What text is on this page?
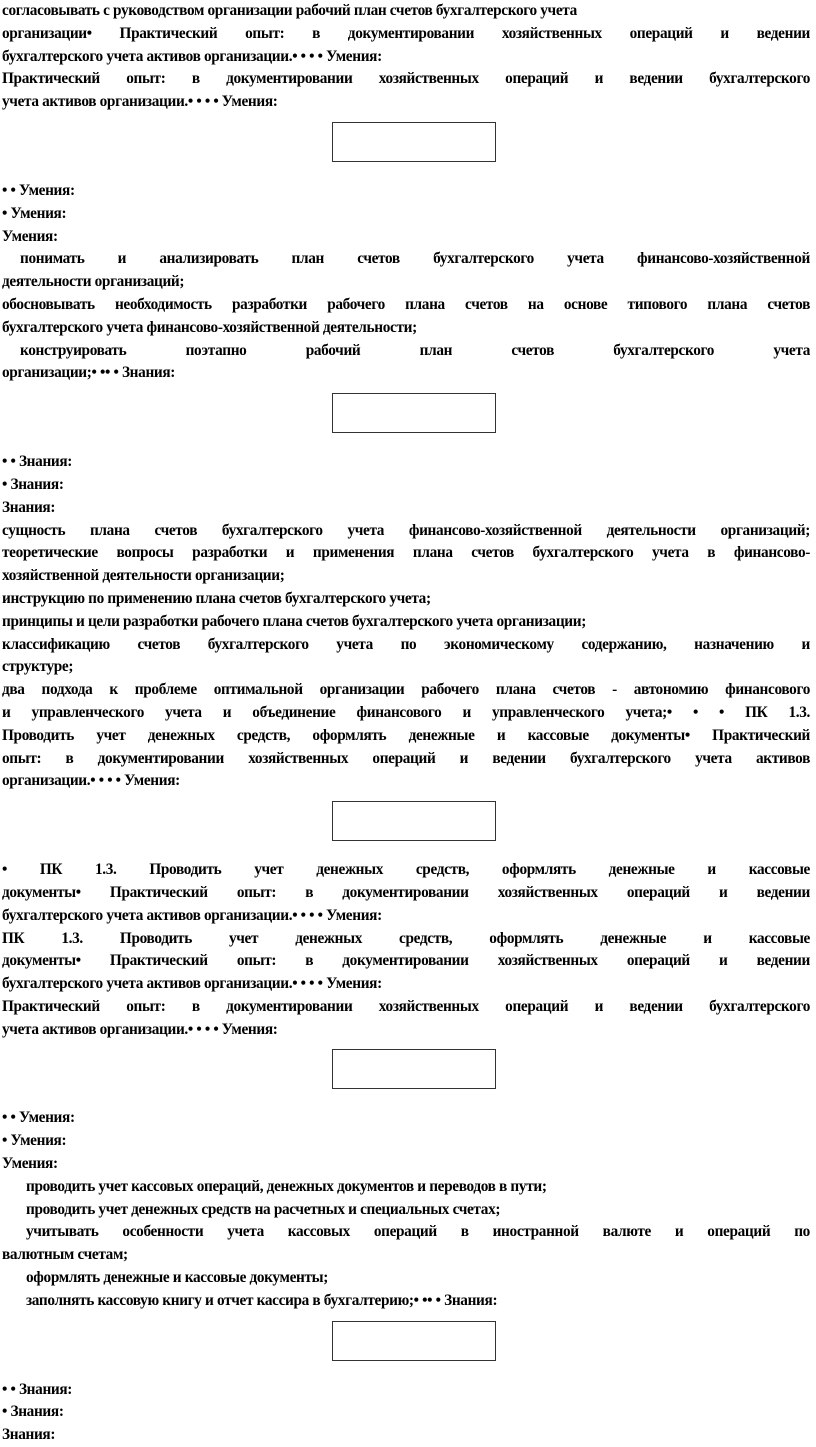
согласовывать с руководством организации рабочий план счетов бухгалтерского учета
организации• Практический опыт: в документировании хозяйственных операций и ведении
бухгалтерского учета активов организации.• • • • Умения:
Практический опыт: в документировании хозяйственных операций и ведении бухгалтерского
учета активов организации.• • • • Умения:
• • Умения:
• Умения:
Умения:
понимать и анализировать план счетов бухгалтерского учета финансово-хозяйственной
деятельности организаций;
обосновывать необходимость разработки рабочего плана счетов на основе типового плана счетов
бухгалтерского учета финансово-хозяйственной деятельности;
конструировать поэтапно рабочий план счетов бухгалтерского учета
организации;• •• • Знания:
• • Знания:
• Знания:
Знания:
сущность плана счетов бухгалтерского учета финансово-хозяйственной деятельности организаций;
теоретические вопросы разработки и применения плана счетов бухгалтерского учета в финансово-
хозяйственной деятельности организации;
инструкцию по применению плана счетов бухгалтерского учета;
принципы и цели разработки рабочего плана счетов бухгалтерского учета организации;
классификацию счетов бухгалтерского учета по экономическому содержанию, назначению и
структуре;
два подхода к проблеме оптимальной организации рабочего плана счетов - автономию финансового
и управленческого учета и объединение финансового и управленческого учета;• • • ПК 1.3.
Проводить учет денежных средств, оформлять денежные и кассовые документы• Практический
опыт: в документировании хозяйственных операций и ведении бухгалтерского учета активов
организации.• • • • Умения:
• ПК 1.3. Проводить учет денежных средств, оформлять денежные и кассовые
документы• Практический опыт: в документировании хозяйственных операций и ведении
бухгалтерского учета активов организации.• • • • Умения:
ПК 1.3. Проводить учет денежных средств, оформлять денежные и кассовые
документы• Практический опыт: в документировании хозяйственных операций и ведении
бухгалтерского учета активов организации.• • • • Умения:
Практический опыт: в документировании хозяйственных операций и ведении бухгалтерского
учета активов организации.• • • • Умения:
• • Умения:
• Умения:
Умения:
проводить учет кассовых операций, денежных документов и переводов в пути;
проводить учет денежных средств на расчетных и специальных счетах;
учитывать особенности учета кассовых операций в иностранной валюте и операций по
валютным счетам;
оформлять денежные и кассовые документы;
заполнять кассовую книгу и отчет кассира в бухгалтерию;• •• • Знания:
• • Знания:
• Знания:
Знания:
